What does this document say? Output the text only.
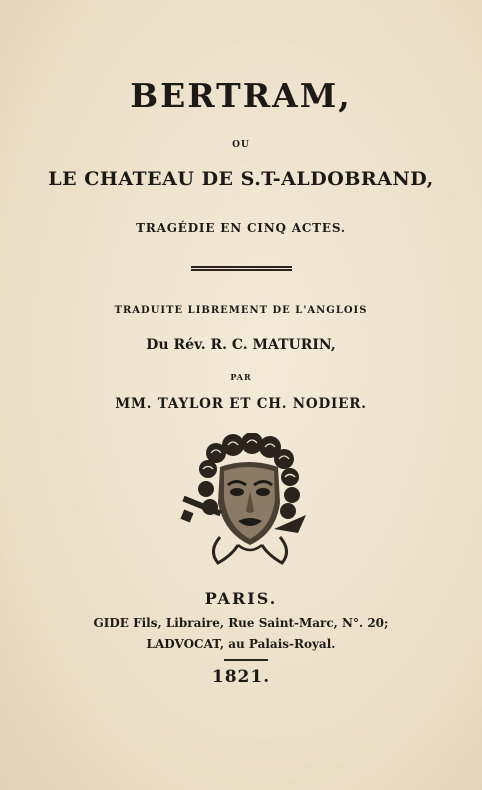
BERTRAM,
OU
LE CHATEAU DE S.T-ALDOBRAND,
TRAGÉDIE EN CINQ ACTES.
TRADUITE LIBREMENT DE L'ANGLOIS
Du Rév. R. C. MATURIN,
PAR
MM. TAYLOR ET CH. NODIER.
PARIS.
GIDE Fils, Libraire, Rue Saint-Marc, N°. 20;
LADVOCAT, au Palais-Royal.
1821.
